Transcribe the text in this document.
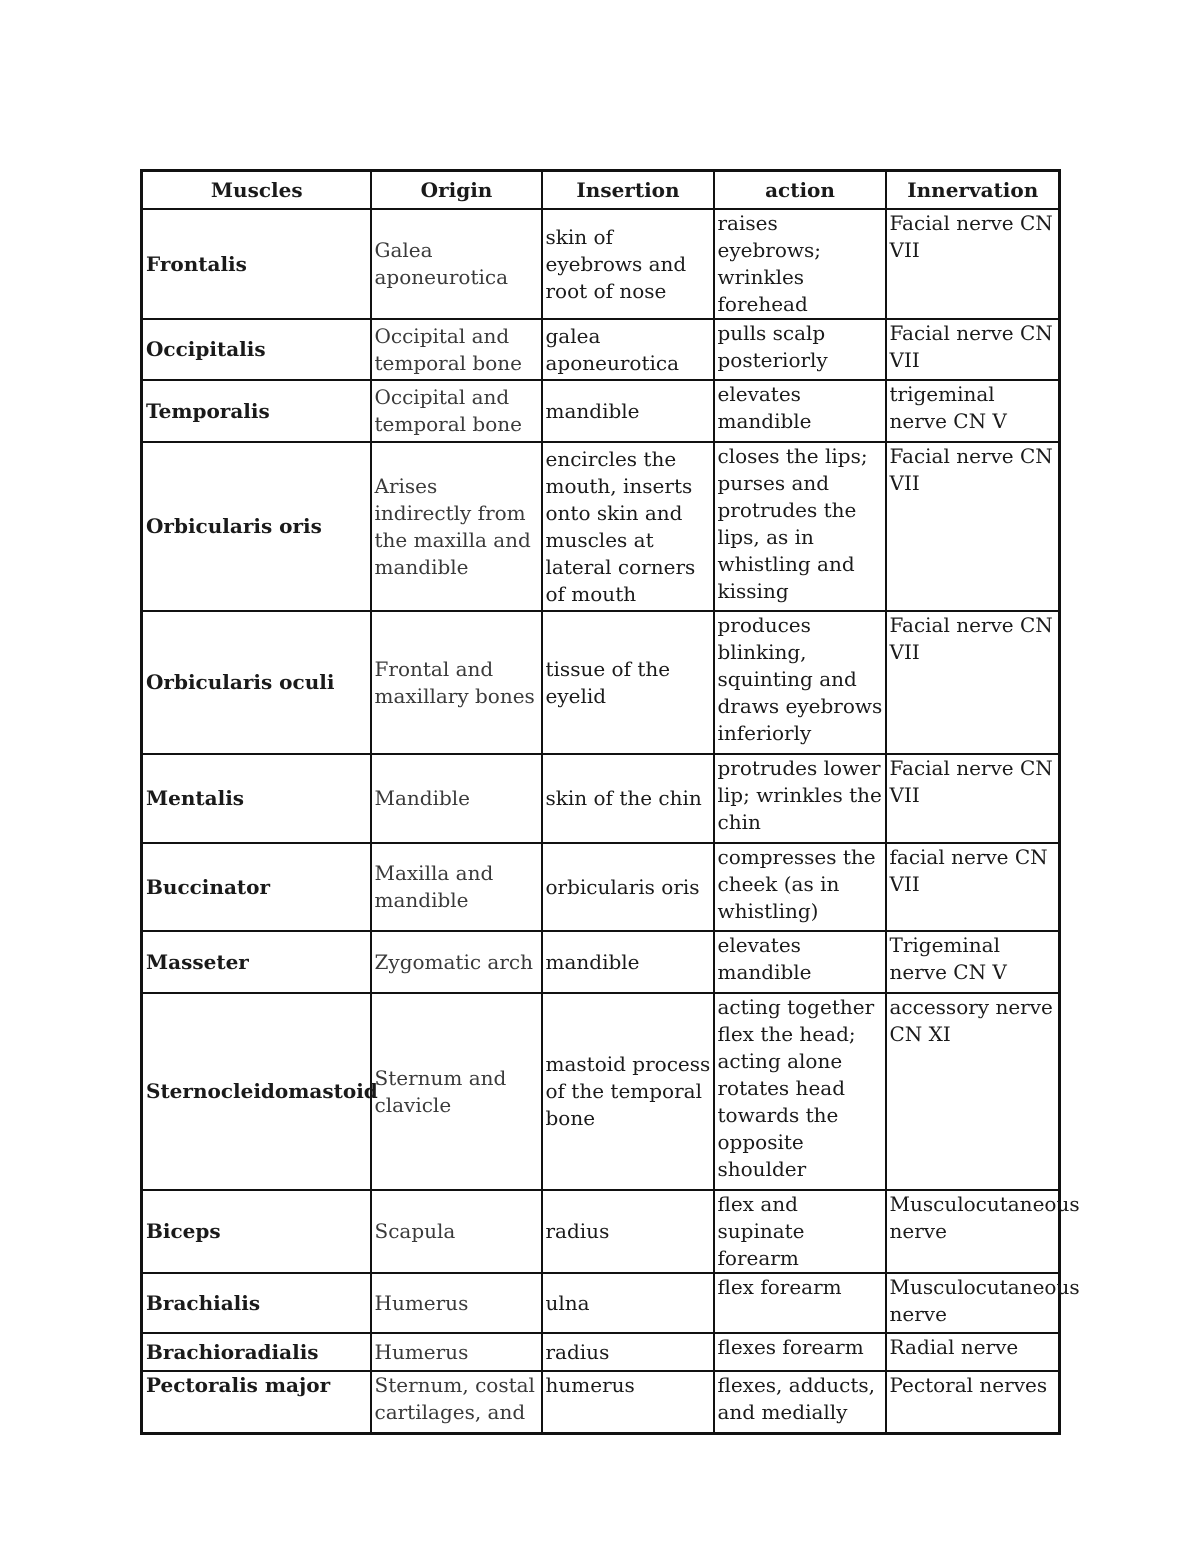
Muscles	Origin	Insertion	action	Innervation
Frontalis	Galea aponeurotica	skin of eyebrows and root of nose	raises eyebrows; wrinkles forehead	Facial nerve CN VII
Occipitalis	Occipital and temporal bone	galea aponeurotica	pulls scalp posteriorly	Facial nerve CN VII
Temporalis	Occipital and temporal bone	mandible	elevates mandible	trigeminal nerve CN V
Orbicularis oris	Arises indirectly from the maxilla and mandible	encircles the mouth, inserts onto skin and muscles at lateral corners of mouth	closes the lips; purses and protrudes the lips, as in whistling and kissing	Facial nerve CN VII
Orbicularis oculi	Frontal and maxillary bones	tissue of the eyelid	produces blinking, squinting and draws eyebrows inferiorly	Facial nerve CN VII
Mentalis	Mandible	skin of the chin	protrudes lower lip; wrinkles the chin	Facial nerve CN VII
Buccinator	Maxilla and mandible	orbicularis oris	compresses the cheek (as in whistling)	facial nerve CN VII
Masseter	Zygomatic arch	mandible	elevates mandible	Trigeminal nerve CN V
Sternocleidomastoid	Sternum and clavicle	mastoid process of the temporal bone	acting together flex the head; acting alone rotates head towards the opposite shoulder	accessory nerve CN XI
Biceps	Scapula	radius	flex and supinate forearm	Musculocutaneous nerve
Brachialis	Humerus	ulna	flex forearm	Musculocutaneous nerve
Brachioradialis	Humerus	radius	flexes forearm	Radial nerve
Pectoralis major	Sternum, costal cartilages, and	humerus	flexes, adducts, and medially	Pectoral nerves
